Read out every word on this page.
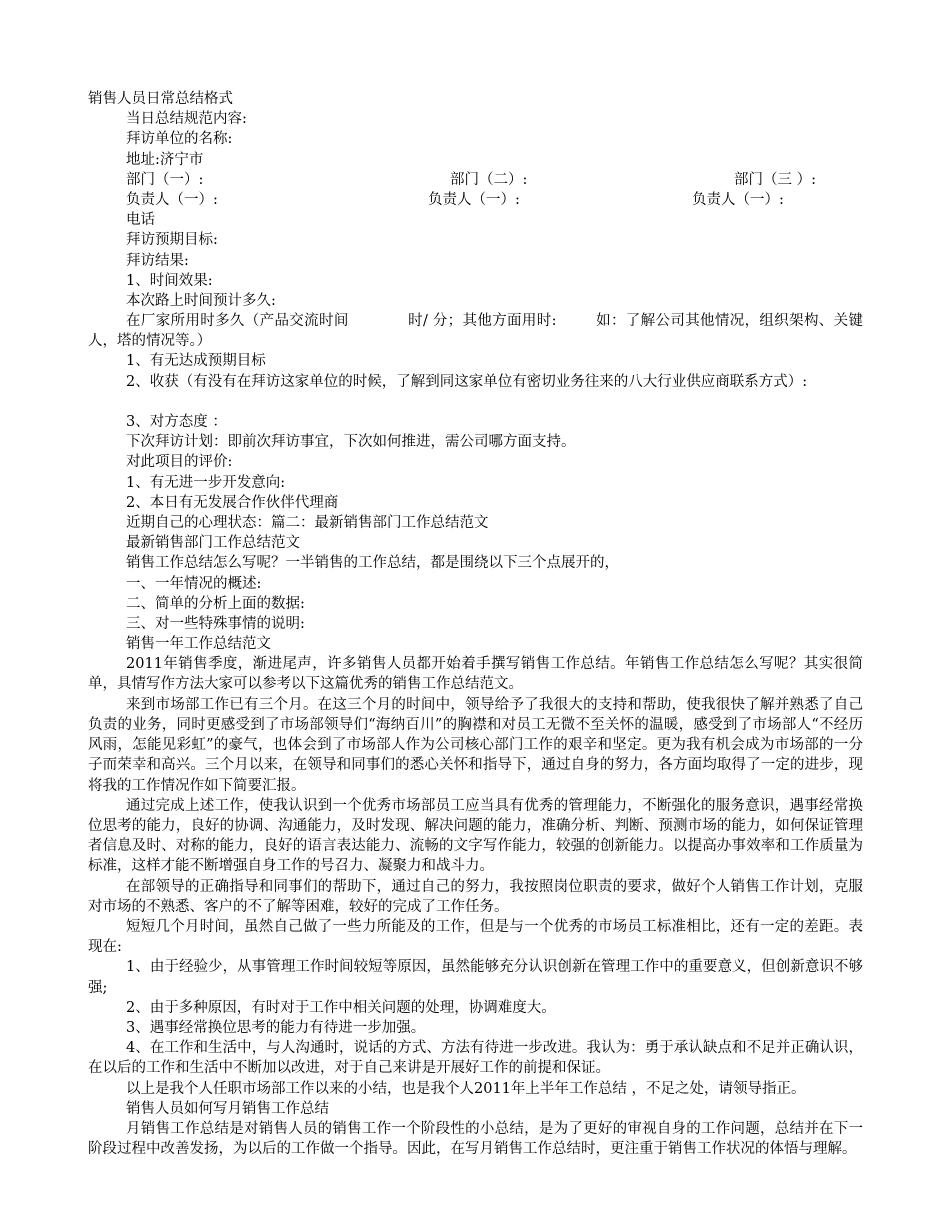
销售人员日常总结格式
当日总结规范内容:
拜访单位的名称:
地址:济宁市
部门（一）:	部门（二）:	部门（三 ）:
负责人（一）:	负责人（一）:	负责人（一）:
电话
拜访预期目标:
拜访结果:
1、时间效果:
本次路上时间预计多久:
在厂家所用时多久（产品交流时间            时/ 分；其他方面用时:        如：了解公司其他情况，组织架构、关键人，塔的情况等。）
1、有无达成预期目标
2、收获（有没有在拜访这家单位的时候，了解到同这家单位有密切业务往来的八大行业供应商联系方式）:
3、对方态度 ：
下次拜访计划：即前次拜访事宜，下次如何推进，需公司哪方面支持。
对此项目的评价:
1、有无进一步开发意向:
2、本日有无发展合作伙伴代理商
近期自己的心理状态：篇二：最新销售部门工作总结范文
最新销售部门工作总结范文
销售工作总结怎么写呢？一半销售的工作总结，都是围绕以下三个点展开的，
一、一年情况的概述:
二、简单的分析上面的数据:
三、对一些特殊事情的说明:
销售一年工作总结范文
2011年销售季度，渐进尾声，许多销售人员都开始着手撰写销售工作总结。年销售工作总结怎么写呢？其实很简单，具情写作方法大家可以参考以下这篇优秀的销售工作总结范文。
来到市场部工作已有三个月。在这三个月的时间中，领导给予了我很大的支持和帮助，使我很快了解并熟悉了自己负责的业务，同时更感受到了市场部领导们“海纳百川”的胸襟和对员工无微不至关怀的温暖，感受到了市场部人“不经历风雨，怎能见彩虹”的豪气，也体会到了市场部人作为公司核心部门工作的艰辛和坚定。更为我有机会成为市场部的一分子而荣幸和高兴。三个月以来，在领导和同事们的悉心关怀和指导下，通过自身的努力，各方面均取得了一定的进步，现将我的工作情况作如下简要汇报。
通过完成上述工作，使我认识到一个优秀市场部员工应当具有优秀的管理能力，不断强化的服务意识，遇事经常换位思考的能力，良好的协调、沟通能力，及时发现、解决问题的能力，准确分析、判断、预测市场的能力，如何保证管理者信息及时、对称的能力，良好的语言表达能力、流畅的文字写作能力，较强的创新能力。以提高办事效率和工作质量为标准，这样才能不断增强自身工作的号召力、凝聚力和战斗力。
在部领导的正确指导和同事们的帮助下，通过自己的努力，我按照岗位职责的要求，做好个人销售工作计划，克服对市场的不熟悉、客户的不了解等困难，较好的完成了工作任务。
短短几个月时间，虽然自己做了一些力所能及的工作，但是与一个优秀的市场员工标准相比，还有一定的差距。表现在:
1、由于经验少，从事管理工作时间较短等原因，虽然能够充分认识创新在管理工作中的重要意义，但创新意识不够强;
2、由于多种原因，有时对于工作中相关问题的处理，协调难度大。
3、遇事经常换位思考的能力有待进一步加强。
4、在工作和生活中，与人沟通时，说话的方式、方法有待进一步改进。我认为：勇于承认缺点和不足并正确认识，在以后的工作和生活中不断加以改进，对于自己来讲是开展好工作的前提和保证。
以上是我个人任职市场部工作以来的小结，也是我个人2011年上半年工作总结 ，不足之处，请领导指正。
销售人员如何写月销售工作总结
月销售工作总结是对销售人员的销售工作一个阶段性的小总结，是为了更好的审视自身的工作问题，总结并在下一阶段过程中改善发扬，为以后的工作做一个指导。因此，在写月销售工作总结时，更注重于销售工作状况的体悟与理解。
